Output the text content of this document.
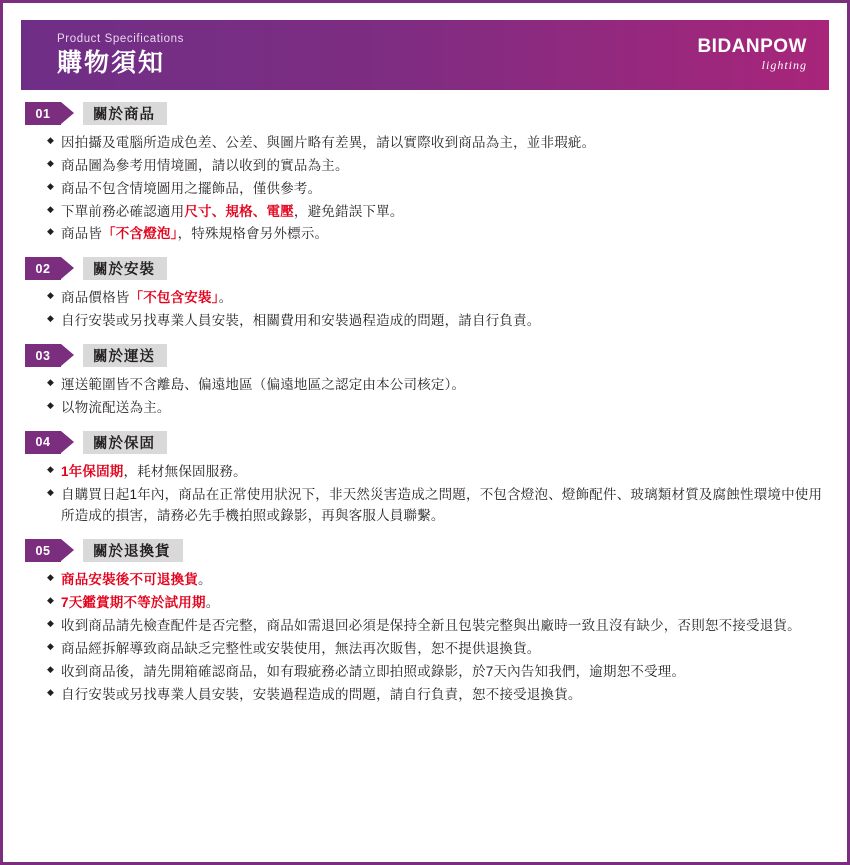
Product Specifications
購物須知
BIDANPOW
lighting
01	關於商品
◆ 因拍攝及電腦所造成色差、公差、與圖片略有差異，請以實際收到商品為主，並非瑕疵。
◆ 商品圖為參考用情境圖，請以收到的實品為主。
◆ 商品不包含情境圖用之擺飾品，僅供參考。
◆ 下單前務必確認適用尺寸、規格、電壓，避免錯誤下單。
◆ 商品皆「不含燈泡」，特殊規格會另外標示。
02	關於安裝
◆ 商品價格皆「不包含安裝」。
◆ 自行安裝或另找專業人員安裝，相關費用和安裝過程造成的問題，請自行負責。
03	關於運送
◆ 運送範圍皆不含離島、偏遠地區（偏遠地區之認定由本公司核定）。
◆ 以物流配送為主。
04	關於保固
◆ 1年保固期，耗材無保固服務。
◆ 自購買日起1年內，商品在正常使用狀況下，非天然災害造成之問題，不包含燈泡、燈飾配件、玻璃類材質及腐蝕性環境中使用所造成的損害，請務必先手機拍照或錄影，再與客服人員聯繫。
05	關於退換貨
◆ 商品安裝後不可退換貨。
◆ 7天鑑賞期不等於試用期。
◆ 收到商品請先檢查配件是否完整，商品如需退回必須是保持全新且包裝完整與出廠時一致且沒有缺少，否則恕不接受退貨。
◆ 商品經拆解導致商品缺乏完整性或安裝使用，無法再次販售，恕不提供退換貨。
◆ 收到商品後，請先開箱確認商品，如有瑕疵務必請立即拍照或錄影，於7天內告知我們，逾期恕不受理。
◆ 自行安裝或另找專業人員安裝，安裝過程造成的問題，請自行負責，恕不接受退換貨。
